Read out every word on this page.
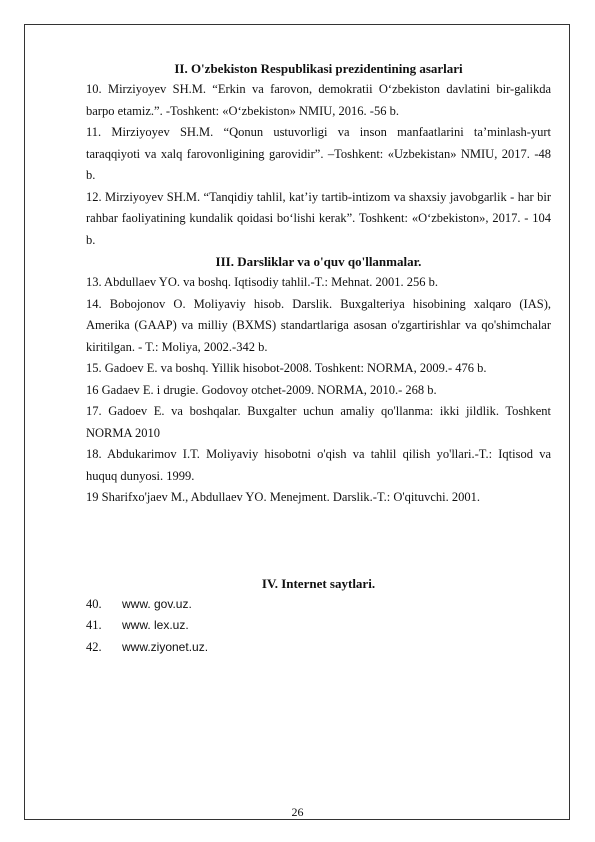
II. O'zbekiston Respublikasi prezidentining asarlari

10. Mirziyoyev SH.M. “Erkin va farovon, demokratii O‘zbekiston davlatini bir-galikda barpo etamiz.”. -Toshkent: «O‘zbekiston» NMIU, 2016. -56 b.

11. Mirziyoyev SH.M. “Qonun ustuvorligi va inson manfaatlarini ta’minlash-yurt taraqqiyoti va xalq farovonligining garovidir”. –Toshkent: «Uzbekistan» NMIU, 2017. -48 b.

12. Mirziyoyev SH.M. “Tanqidiy tahlil, kat’iy tartib-intizom va shaxsiy javobgarlik - har bir rahbar faoliyatining kundalik qoidasi bo‘lishi kerak”. Toshkent: «O‘zbekiston», 2017. - 104 b.

III. Darsliklar va o'quv qo'llanmalar.

13. Abdullaev YO. va boshq. Iqtisodiy tahlil.-T.: Mehnat. 2001. 256 b.

14. Bobojonov O. Moliyaviy hisob. Darslik. Buxgalteriya hisobining xalqaro (IAS), Amerika (GAAP) va milliy (BXMS) standartlariga asosan o'zgartirishlar va qo'shimchalar kiritilgan. - T.: Moliya, 2002.-342 b.

15. Gadoev E. va boshq. Yillik hisobot-2008. Toshkent: NORMA, 2009.- 476 b.

16 Gadaev E. i drugie. Godovoy otchet-2009. NORMA, 2010.- 268 b.

17. Gadoev E. va boshqalar. Buxgalter uchun amaliy qo'llanma: ikki jildlik. Toshkent NORMA 2010

18. Abdukarimov I.T. Moliyaviy hisobotni o'qish va tahlil qilish yo'llari.-T.: Iqtisod va huquq dunyosi. 1999.

19 Sharifxo'jaev M., Abdullaev YO. Menejment. Darslik.-T.: O'qituvchi. 2001.

IV. Internet saytlari.

40.	www. gov.uz.
41.	www. lex.uz.
42.	www.ziyonet.uz.
26
